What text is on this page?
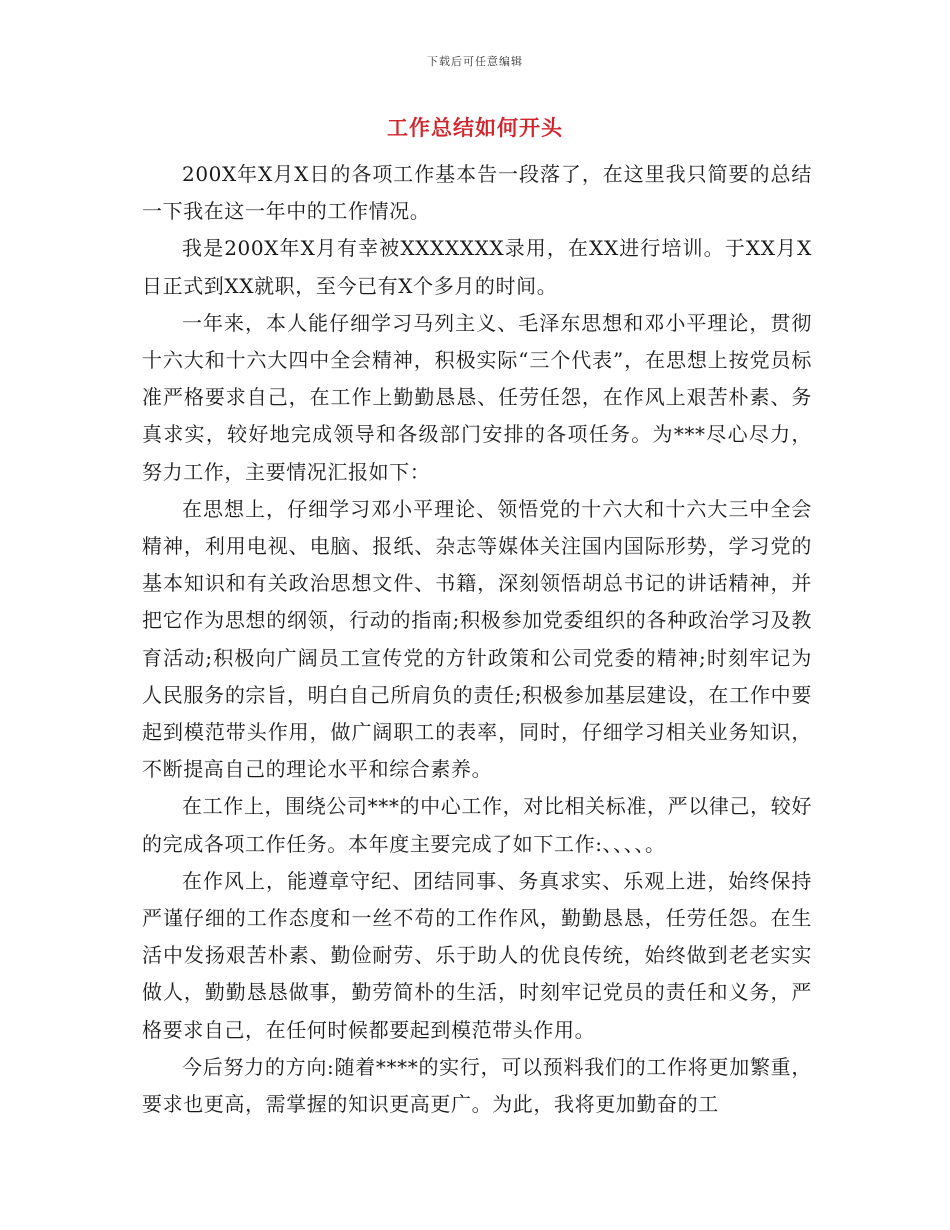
下载后可任意编辑
工作总结如何开头

200X年X月X日的各项工作基本告一段落了，在这里我只简要的总结一下我在这一年中的工作情况。

我是200X年X月有幸被XXXXXXX录用，在XX进行培训。于XX月X日正式到XX就职，至今已有X个多月的时间。

一年来，本人能仔细学习马列主义、毛泽东思想和邓小平理论，贯彻十六大和十六大四中全会精神，积极实际“三个代表”，在思想上按党员标准严格要求自己，在工作上勤勤恳恳、任劳任怨，在作风上艰苦朴素、务真求实，较好地完成领导和各级部门安排的各项任务。为***尽心尽力，努力工作，主要情况汇报如下：

在思想上，仔细学习邓小平理论、领悟党的十六大和十六大三中全会精神，利用电视、电脑、报纸、杂志等媒体关注国内国际形势，学习党的基本知识和有关政治思想文件、书籍，深刻领悟胡总书记的讲话精神，并把它作为思想的纲领，行动的指南;积极参加党委组织的各种政治学习及教育活动;积极向广阔员工宣传党的方针政策和公司党委的精神;时刻牢记为人民服务的宗旨，明白自己所肩负的责任;积极参加基层建设，在工作中要起到模范带头作用，做广阔职工的表率，同时，仔细学习相关业务知识，不断提高自己的理论水平和综合素养。

在工作上，围绕公司***的中心工作，对比相关标准，严以律己，较好的完成各项工作任务。本年度主要完成了如下工作:、、、、。

在作风上，能遵章守纪、团结同事、务真求实、乐观上进，始终保持严谨仔细的工作态度和一丝不苟的工作作风，勤勤恳恳，任劳任怨。在生活中发扬艰苦朴素、勤俭耐劳、乐于助人的优良传统，始终做到老老实实做人，勤勤恳恳做事，勤劳简朴的生活，时刻牢记党员的责任和义务，严格要求自己，在任何时候都要起到模范带头作用。

今后努力的方向:随着****的实行，可以预料我们的工作将更加繁重，要求也更高，需掌握的知识更高更广。为此，我将更加勤奋的工
